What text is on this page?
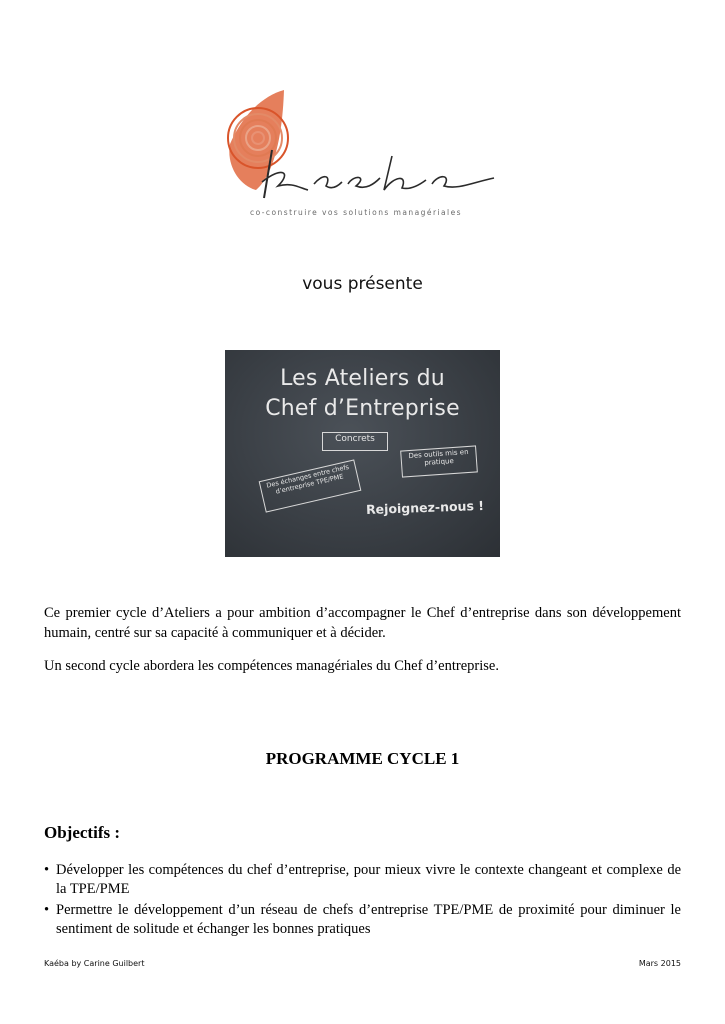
co-construire vos solutions managériales
vous présente
Les Ateliers du
Chef d’Entreprise
Concrets
Des outils mis en pratique
Des échanges entre chefs d’entreprise TPE/PME
Rejoignez-nous !

Ce premier cycle d’Ateliers a pour ambition d’accompagner le Chef d’entreprise dans son développement humain, centré sur sa capacité à communiquer et à décider.

Un second cycle abordera les compétences managériales du Chef d’entreprise.

PROGRAMME CYCLE 1
Objectifs :
• Développer les compétences du chef d’entreprise, pour mieux vivre le contexte changeant et complexe de la TPE/PME
• Permettre le développement d’un réseau de chefs d’entreprise TPE/PME de proximité pour diminuer le sentiment de solitude et échanger les bonnes pratiques
Kaéba by Carine Guilbert	Mars 2015
